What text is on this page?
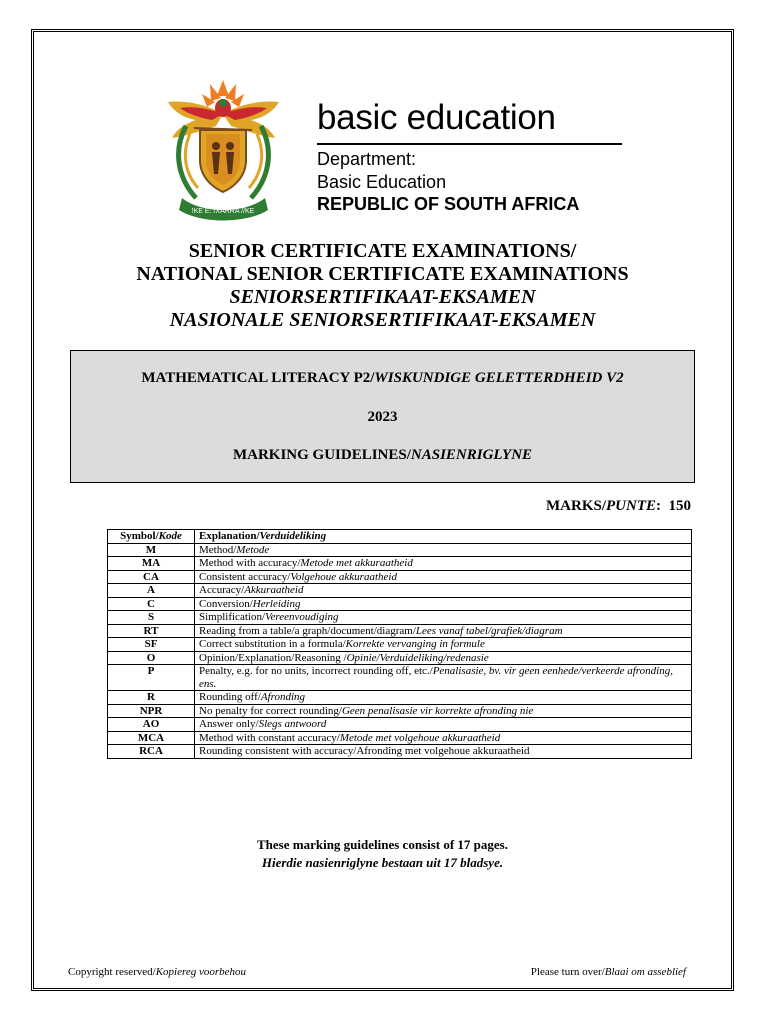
!KE E: /XARRA //KE
basic education
Department:
Basic Education
REPUBLIC OF SOUTH AFRICA
SENIOR CERTIFICATE EXAMINATIONS/
NATIONAL SENIOR CERTIFICATE EXAMINATIONS
SENIORSERTIFIKAAT-EKSAMEN
NASIONALE SENIORSERTIFIKAAT-EKSAMEN
MATHEMATICAL LITERACY P2/WISKUNDIGE GELETTERDHEID V2
2023
MARKING GUIDELINES/NASIENRIGLYNE
MARKS/PUNTE: 150
Symbol/Kode	Explanation/Verduideliking
M	Method/Metode
MA	Method with accuracy/Metode met akkuraatheid
CA	Consistent accuracy/Volgehoue akkuraatheid
A	Accuracy/Akkuraatheid
C	Conversion/Herleiding
S	Simplification/Vereenvoudiging
RT	Reading from a table/a graph/document/diagram/Lees vanaf tabel/grafiek/diagram
SF	Correct substitution in a formula/Korrekte vervanging in formule
O	Opinion/Explanation/Reasoning /Opinie/Verduideliking/redenasie
P	Penalty, e.g. for no units, incorrect rounding off, etc./Penalisasie, bv. vir geen eenhede/verkeerde afronding, ens.
R	Rounding off/Afronding
NPR	No penalty for correct rounding/Geen penalisasie vir korrekte afronding nie
AO	Answer only/Slegs antwoord
MCA	Method with constant accuracy/Metode met volgehoue akkuraatheid
RCA	Rounding consistent with accuracy/Afronding met volgehoue akkuraatheid
These marking guidelines consist of 17 pages.
Hierdie nasienriglyne bestaan uit 17 bladsye.
Copyright reserved/Kopiereg voorbehou	Please turn over/Blaai om asseblief
